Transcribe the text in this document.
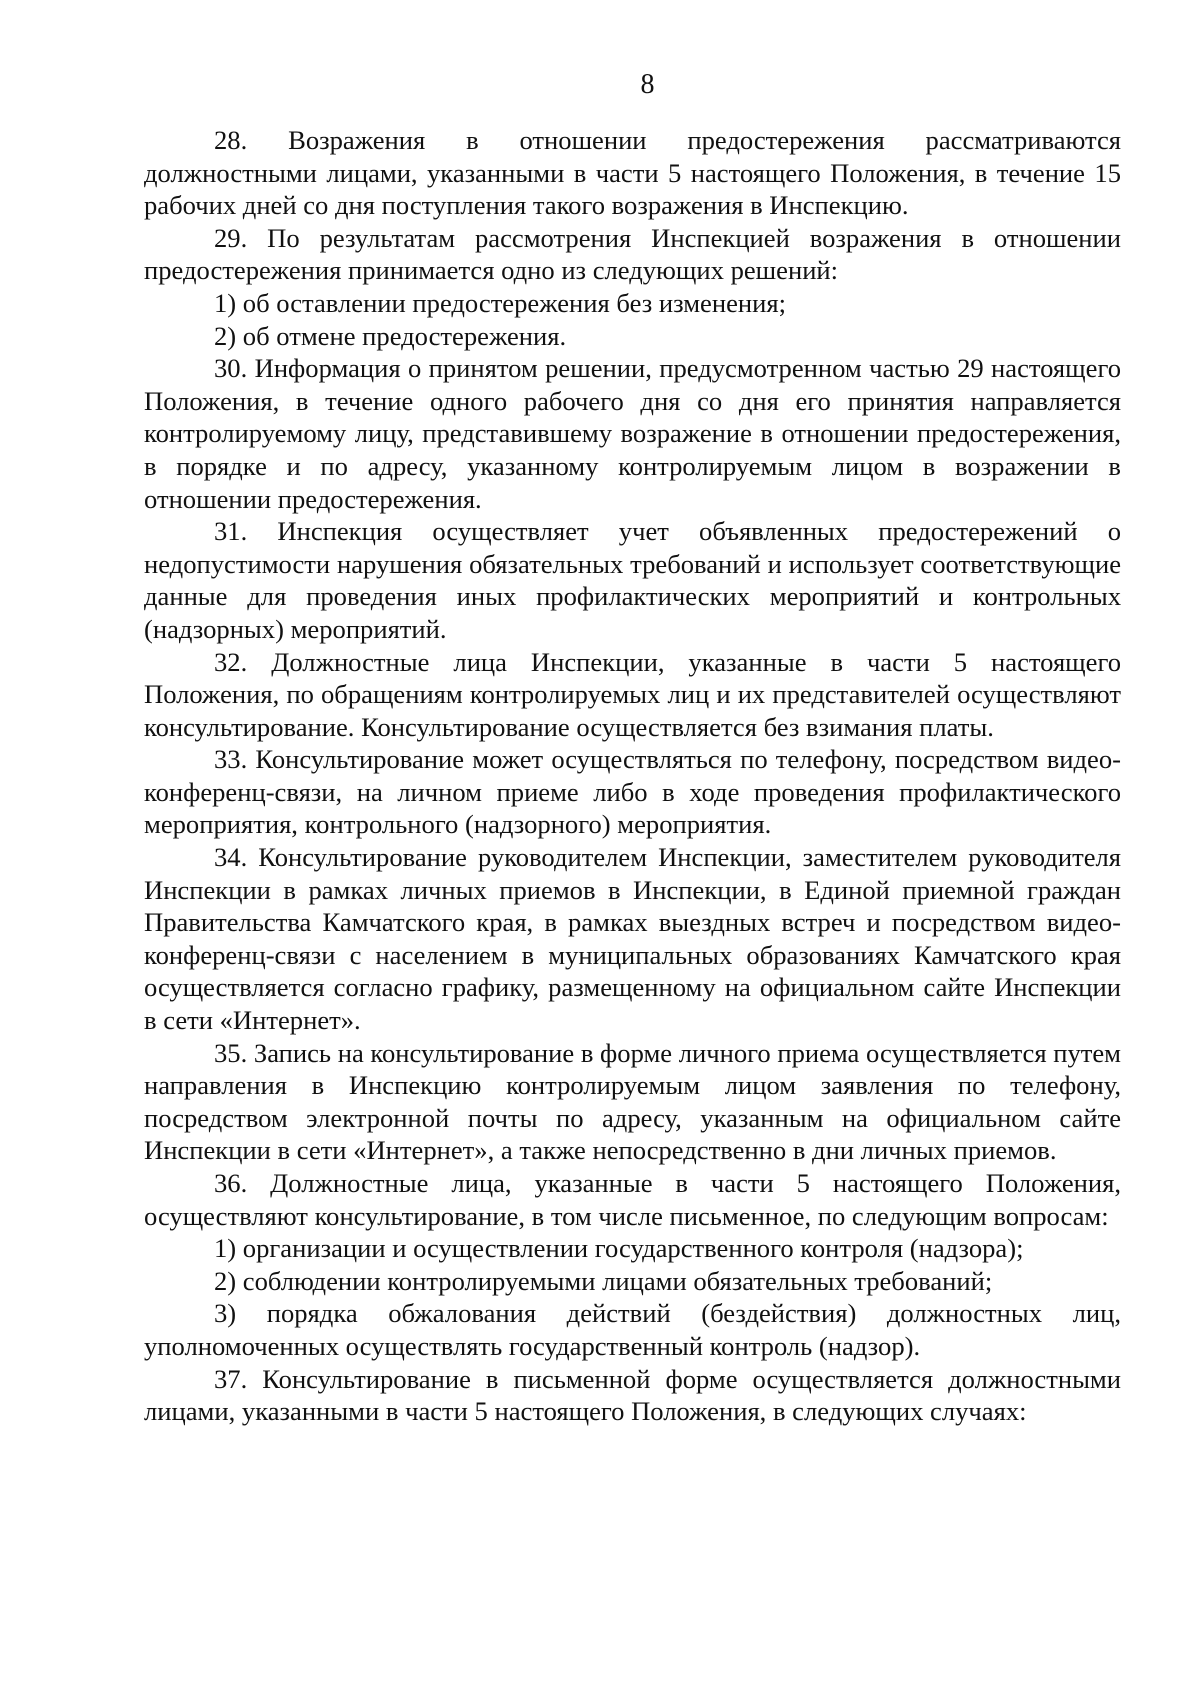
8

28. Возражения в отношении предостережения рассматриваются должностными лицами, указанными в части 5 настоящего Положения, в течение 15 рабочих дней со дня поступления такого возражения в Инспекцию.

29. По результатам рассмотрения Инспекцией возражения в отношении предостережения принимается одно из следующих решений:

1) об оставлении предостережения без изменения;

2) об отмене предостережения.

30. Информация о принятом решении, предусмотренном частью 29 настоящего Положения, в течение одного рабочего дня со дня его принятия направляется контролируемому лицу, представившему возражение в отношении предостережения, в порядке и по адресу, указанному контролируемым лицом в возражении в отношении предостережения.

31. Инспекция осуществляет учет объявленных предостережений о недопустимости нарушения обязательных требований и использует соответствующие данные для проведения иных профилактических мероприятий и контрольных (надзорных) мероприятий.

32. Должностные лица Инспекции, указанные в части 5 настоящего Положения, по обращениям контролируемых лиц и их представителей осуществляют консультирование. Консультирование осуществляется без взимания платы.

33. Консультирование может осуществляться по телефону, посредством видео-конференц-связи, на личном приеме либо в ходе проведения профилактического мероприятия, контрольного (надзорного) мероприятия.

34. Консультирование руководителем Инспекции, заместителем руководителя Инспекции в рамках личных приемов в Инспекции, в Единой приемной граждан Правительства Камчатского края, в рамках выездных встреч и посредством видео-конференц-связи с населением в муниципальных образованиях Камчатского края осуществляется согласно графику, размещенному на официальном сайте Инспекции в сети «Интернет».

35. Запись на консультирование в форме личного приема осуществляется путем направления в Инспекцию контролируемым лицом заявления по телефону, посредством электронной почты по адресу, указанным на официальном сайте Инспекции в сети «Интернет», а также непосредственно в дни личных приемов.

36. Должностные лица, указанные в части 5 настоящего Положения, осуществляют консультирование, в том числе письменное, по следующим вопросам:

1) организации и осуществлении государственного контроля (надзора);

2) соблюдении контролируемыми лицами обязательных требований;

3) порядка обжалования действий (бездействия) должностных лиц, уполномоченных осуществлять государственный контроль (надзор).

37. Консультирование в письменной форме осуществляется должностными лицами, указанными в части 5 настоящего Положения, в следующих случаях:
